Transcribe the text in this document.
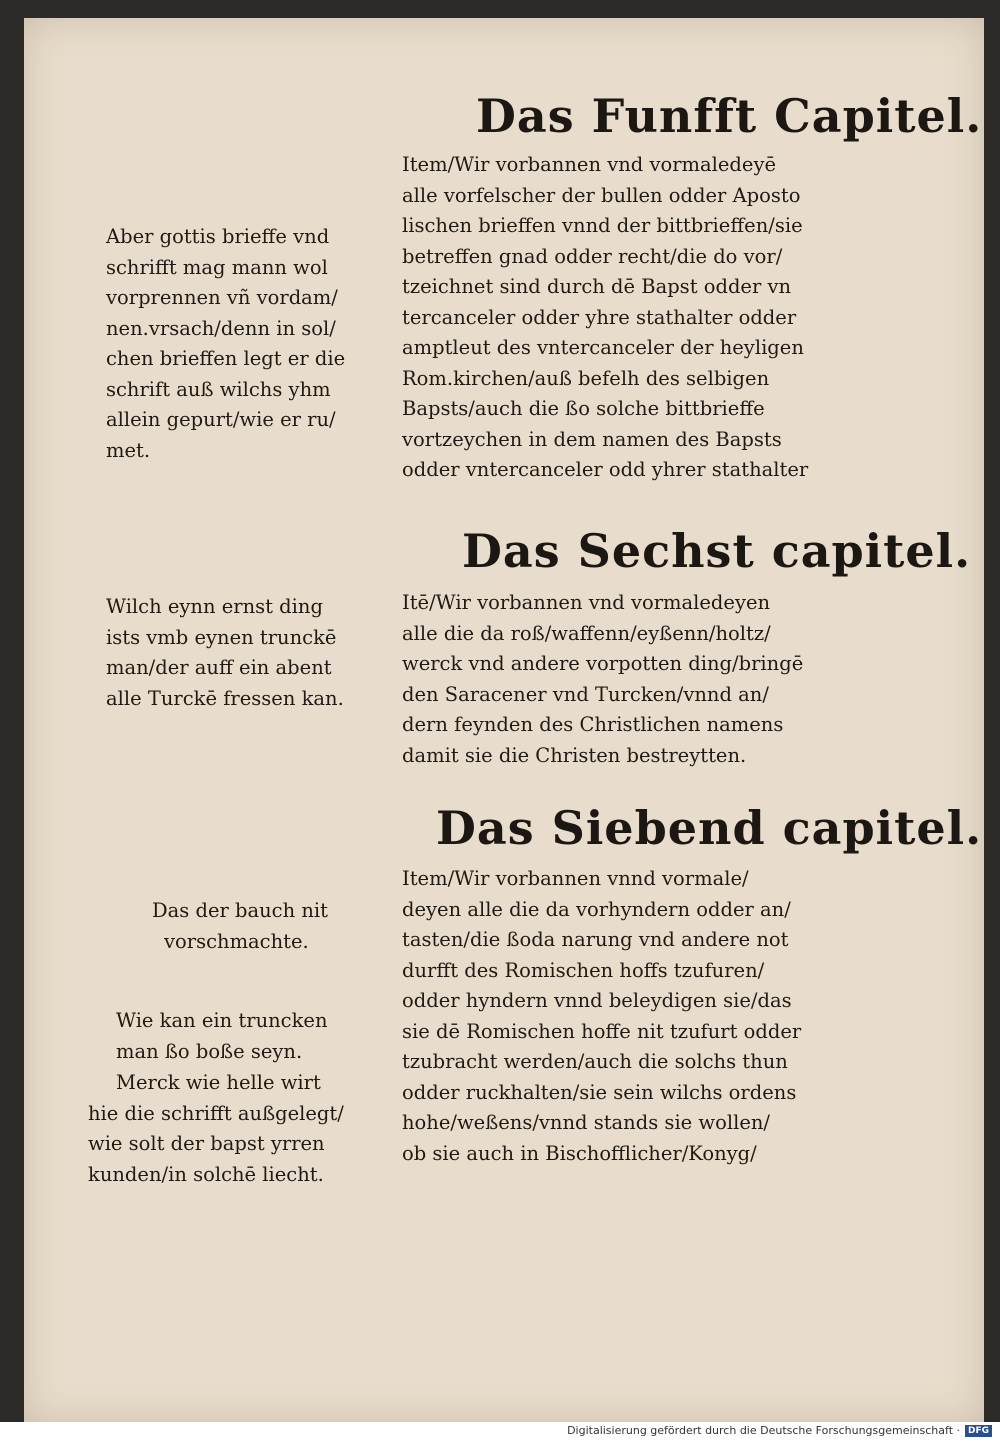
Das Funfft Capitel.
Item/Wir vorbannen vnd vormaledeyē
alle vorfelscher der bullen odder Aposto
lischen brieffen vnnd der bittbrieffen/sie
betreffen gnad odder recht/die do vor/
tzeichnet sind durch dē Bapst odder vn
tercanceler odder yhre stathalter odder
amptleut des vntercanceler der heyligen
Rom.kirchen/auß befelh des selbigen
Bapsts/auch die ßo solche bittbrieffe
vortzeychen in dem namen des Bapsts
odder vntercanceler odd yhrer stathalter
Das Sechst capitel.
Itē/Wir vorbannen vnd vormaledeyen
alle die da roß/waffenn/eyßenn/holtz/
werck vnd andere vorpotten ding/bringē
den Saracener vnd Turcken/vnnd an/
dern feynden des Christlichen namens
damit sie die Christen bestreytten.
Das Siebend capitel.
Item/Wir vorbannen vnnd vormale/
deyen alle die da vorhyndern odder an/
tasten/die ßoda narung vnd andere not
durfft des Romischen hoffs tzufuren/
odder hyndern vnnd beleydigen sie/das
sie dē Romischen hoffe nit tzufurt odder
tzubracht werden/auch die solchs thun
odder ruckhalten/sie sein wilchs ordens
hohe/weßens/vnnd stands sie wollen/
ob sie auch in Bischofflicher/Konyg/
Aber gottis brieffe vnd
schrifft mag mann wol
vorprennen vñ vordam/
nen.vrsach/denn in sol/
chen brieffen legt er die
schrift auß wilchs yhm
allein gepurt/wie er ru/
met.
Wilch eynn ernst ding
ists vmb eynen trunckē
man/der auff ein abent
alle Turckē fressen kan.
Das der bauch nit
vorschmachte.
Wie kan ein truncken
man ßo boße seyn.
Merck wie helle wirt
hie die schrifft außgelegt/
wie solt der bapst yrren
kunden/in solchē liecht.
Digitalisierung gefördert durch die Deutsche Forschungsgemeinschaft · DFG
